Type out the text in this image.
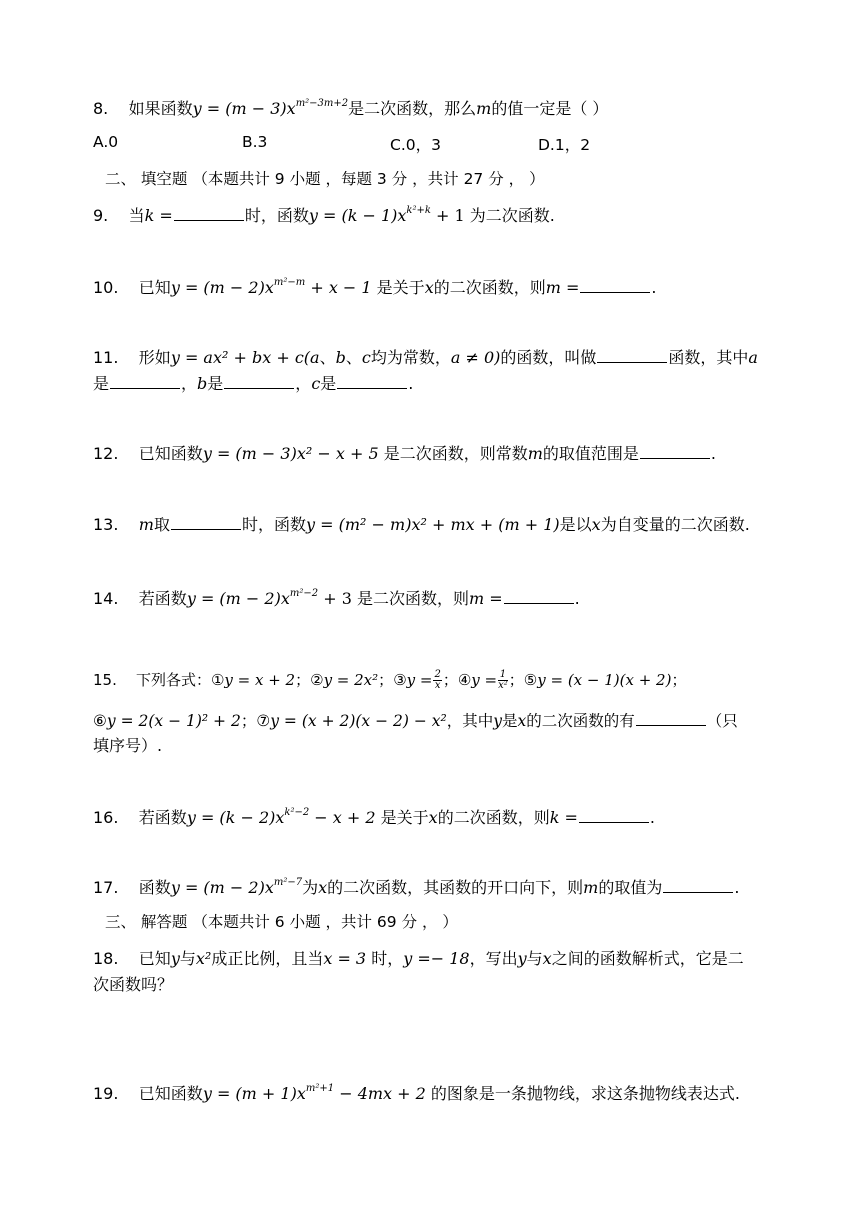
8. 如果函数$y = (m - 3)x^{m^2-3m+2}$是二次函数，那么m的值一定是（ ）
A.0	B.3	C.0，3	D.1，2
二、 填空题 （本题共计 9 小题 ，每题 3 分 ，共计 27 分 ， ）
9. 当k =	时，函数$y = (k - 1)x^{k^2+k} + 1$ 为二次函数.
10. 已知$y = (m - 2)x^{m^2-m} + x - 1$ 是关于x的二次函数，则m =	.
11. 形如y = ax² + bx + c(a、b、c均为常数，a ≠ 0)的函数，叫做	函数，其中a
是	，b是	，c是	.
12. 已知函数y = (m − 3)x² − x + 5 是二次函数，则常数m的取值范围是	.
13. m取	时，函数y = (m² − m)x² + mx + (m + 1)是以x为自变量的二次函数.
14. 若函数$y = (m - 2)x^{m^2-2} + 3$ 是二次函数，则m =	.
15. 下列各式：①y = x + 2；②y = 2x²；③y = $\frac{2}{x}$ ；④y = $\frac{1}{\text{x²}}$ ；⑤y = (x − 1)(x + 2)；
⑥y = 2(x − 1)² + 2；⑦y = (x + 2)(x − 2) − x²，其中y是x的二次函数的有	（只
填序号）.
16. 若函数$y = (k - 2)x^{k^2-2} - x + 2$ 是关于x的二次函数，则k =	.
17. 函数$y = (m - 2)x^{m^2-7}$为x的二次函数，其函数的开口向下，则m的取值为	.
三、 解答题 （本题共计 6 小题 ，共计 69 分 ， ）
18. 已知y与x²成正比例，且当x = 3 时，y =− 18，写出y与x之间的函数解析式，它是二
次函数吗？
19. 已知函数$y = (m + 1)x^{m^2+1} - 4mx + 2$ 的图象是一条抛物线，求这条抛物线表达式.
